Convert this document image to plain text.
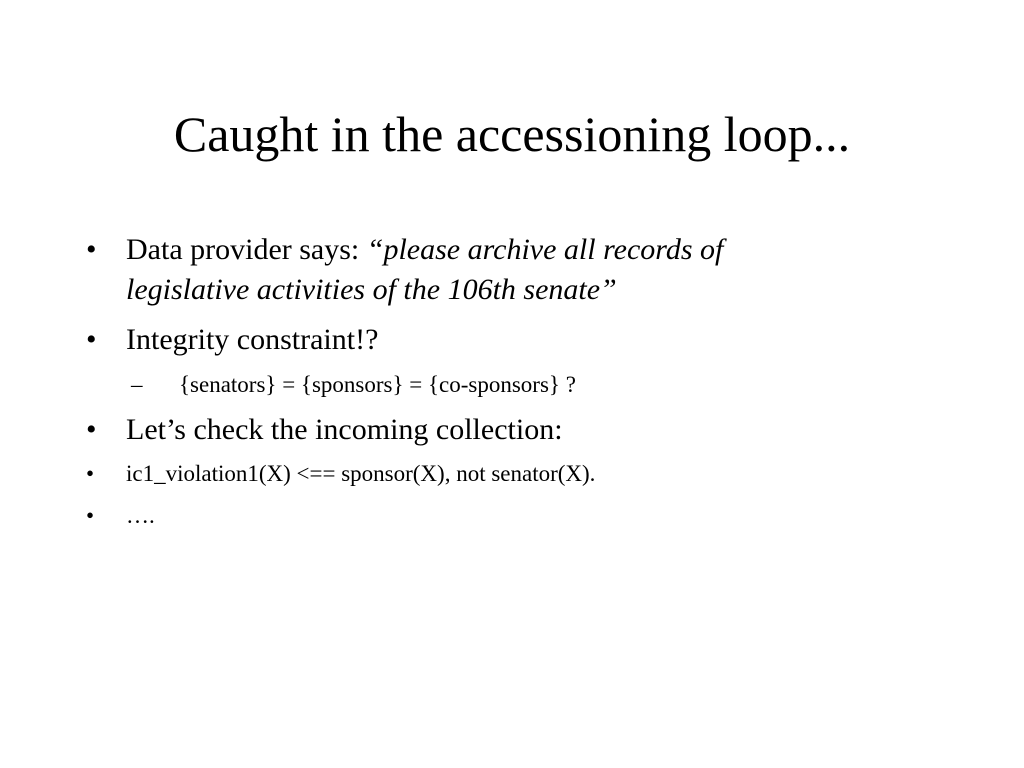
Caught in the accessioning loop...
• Data provider says: “please archive all records of
legislative activities of the 106th senate”
• Integrity constraint!?
– {senators} = {sponsors} = {co-sponsors} ?
• Let’s check the incoming collection:
• ic1_violation1(X) <== sponsor(X), not senator(X).
• ….
